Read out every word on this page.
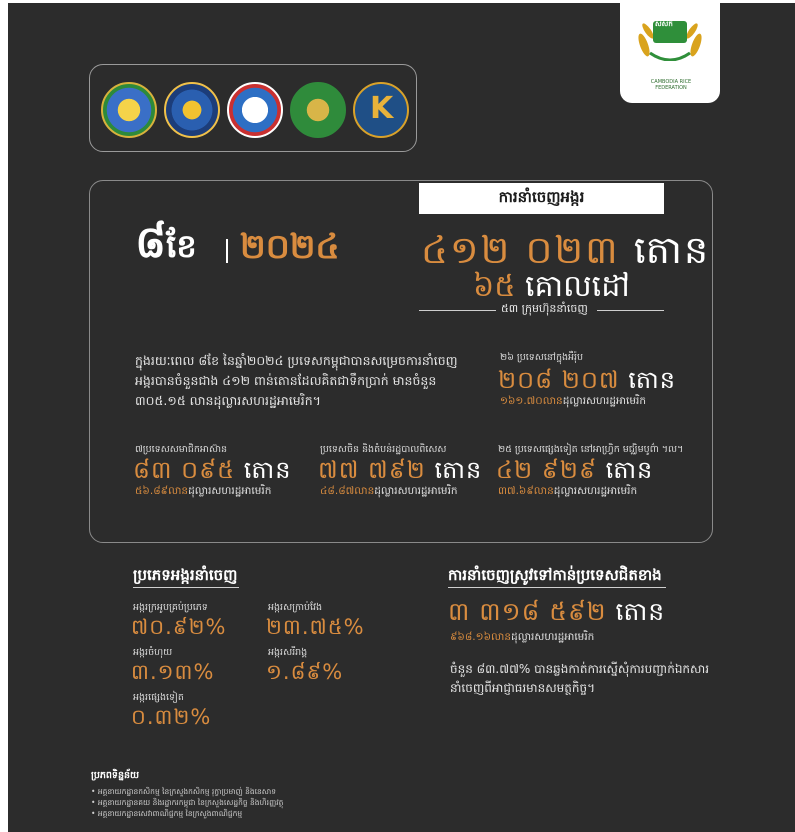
សសក
CAMBODIA RICE FEDERATION
K
ការនាំចេញអង្ករ
៨ខែ ២០២៤ ៤១២ ០២៣ តោន
៦៥ គោលដៅ
៥៣ ក្រុមហ៊ុននាំចេញ
ក្នុងរយៈពេល ៨ខែ នៃឆ្នាំ២០២៤ ប្រទេសកម្ពុជាបានសម្រេចការនាំចេញអង្ករបានចំនួនជាង ៤១២ ពាន់តោនដែលគិតជាទឹកប្រាក់ មានចំនួន ៣០៥.១៥ លានដុល្លារសហរដ្ឋអាមេរិក។
២៦ ប្រទេសនៅក្នុងអឺរ៉ុប
២០៨ ២០៧ តោន
១៦១.៧០លានដុល្លារសហរដ្ឋអាមេរិក
៧ប្រទេសសមាជិកអាស៊ាន
៨៣ ០៩៥ តោន
៥៦.៨៩លានដុល្លារសហរដ្ឋអាមេរិក
ប្រទេសចិន និងតំបន់រដ្ឋបាលពិសេស
៧៧ ៧៩២ តោន
៤៨.៨៧លានដុល្លារសហរដ្ឋអាមេរិក
២៥ ប្រទេសផ្សេងទៀត នៅអាហ្វ្រិក មជ្ឈិមបូព៌ា ។ល។
៤២ ៩២៩ តោន
៣៧.៦៩លានដុល្លារសហរដ្ឋអាមេរិក
ប្រភេទអង្ករនាំចេញ
អង្ករក្រអូបគ្រប់ប្រភេទ
៧០.៩២%
អង្ករសក្រាប់វែង
២៣.៧៥%
អង្ករចំហុយ
៣.១៣%
អង្ករសរីរាង្គ
១.៨៩%
អង្ករផ្សេងទៀត
០.៣២%
ការនាំចេញស្រូវទៅកាន់ប្រទេសជិតខាង
៣ ៣១៨ ៥៩២ តោន
៩៦៨.១៦លានដុល្លារសហរដ្ឋអាមេរិក
ចំនួន ៨៣.៧៧% បានឆ្លងកាត់ការស្នើសុំការបញ្ជាក់ឯកសារនាំចេញពីអាជ្ញាធរមានសមត្ថកិច្ច។
ប្រភពទិន្នន័យ
• អគ្គនាយកដ្ឋានកសិកម្ម នៃក្រសួងកសិកម្ម រុក្ខាប្រមាញ់ និងនេសាទ
• អគ្គនាយកដ្ឋានគយ និងរដ្ឋាករកម្ពុជា នៃក្រសួងសេដ្ឋកិច្ច និងហិរញ្ញវត្ថុ
• អគ្គនាយកដ្ឋានសេវាពាណិជ្ជកម្ម នៃក្រសួងពាណិជ្ជកម្ម
